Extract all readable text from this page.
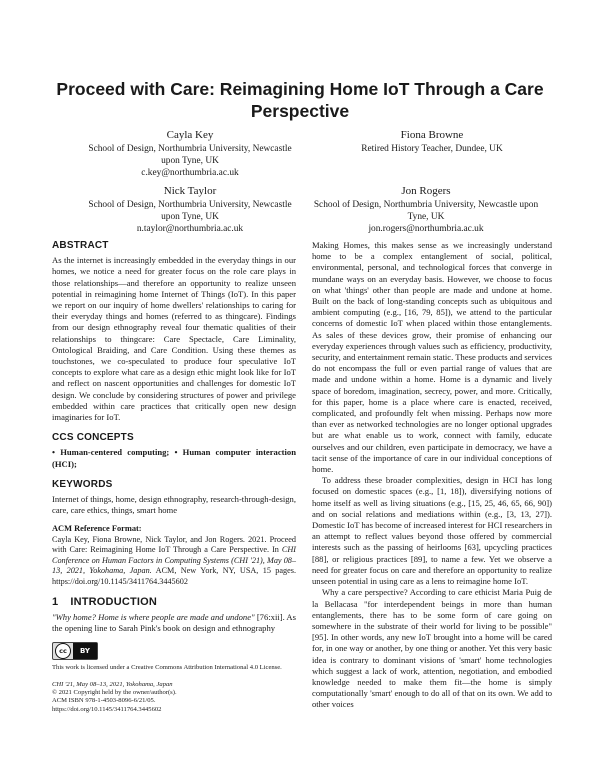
Proceed with Care: Reimagining Home IoT Through a Care Perspective
Cayla Key
School of Design, Northumbria University, Newcastle upon Tyne, UK
c.key@northumbria.ac.uk
Fiona Browne
Retired History Teacher, Dundee, UK
Nick Taylor
School of Design, Northumbria University, Newcastle upon Tyne, UK
n.taylor@northumbria.ac.uk
Jon Rogers
School of Design, Northumbria University, Newcastle upon Tyne, UK
jon.rogers@northumbria.ac.uk
ABSTRACT

As the internet is increasingly embedded in the everyday things in our homes, we notice a need for greater focus on the role care plays in those relationships—and therefore an opportunity to realize unseen potential in reimagining home Internet of Things (IoT). In this paper we report on our inquiry of home dwellers' relationships to caring for their everyday things and homes (referred to as thingcare). Findings from our design ethnography reveal four thematic qualities of their relationships to thingcare: Care Spectacle, Care Liminality, Ontological Braiding, and Care Condition. Using these themes as touchstones, we co-speculated to produce four speculative IoT concepts to explore what care as a design ethic might look like for IoT and reflect on nascent opportunities and challenges for domestic IoT design. We conclude by considering structures of power and privilege embedded within care practices that critically open new design imaginaries for IoT.

CCS CONCEPTS

• Human-centered computing; • Human computer interaction (HCI);

KEYWORDS

Internet of things, home, design ethnography, research-through-design, care, care ethics, things, smart home

ACM Reference Format:

Cayla Key, Fiona Browne, Nick Taylor, and Jon Rogers. 2021. Proceed with Care: Reimagining Home IoT Through a Care Perspective. In CHI Conference on Human Factors in Computing Systems (CHI '21), May 08–13, 2021, Yokohama, Japan. ACM, New York, NY, USA, 15 pages. https://doi.org/10.1145/3411764.3445602

1 INTRODUCTION

"Why home? Home is where people are made and undone" [76:xii]. As the opening line to Sarah Pink's book on design and ethnography

cc	BY
This work is licensed under a Creative Commons Attribution International 4.0 License.
CHI '21, May 08–13, 2021, Yokohama, Japan
© 2021 Copyright held by the owner/author(s).
ACM ISBN 978-1-4503-8096-6/21/05.
https://doi.org/10.1145/3411764.3445602

Making Homes, this makes sense as we increasingly understand home to be a complex entanglement of social, political, environmental, personal, and technological forces that converge in mundane ways on an everyday basis. However, we choose to focus on what 'things' other than people are made and undone at home. Built on the back of long-standing concepts such as ubiquitous and ambient computing (e.g., [16, 79, 85]), we attend to the particular concerns of domestic IoT when placed within those entanglements. As sales of these devices grow, their promise of enhancing our everyday experiences through values such as efficiency, productivity, security, and entertainment remain static. These products and services do not encompass the full or even partial range of values that are made and undone within a home. Home is a dynamic and lively space of boredom, imagination, secrecy, power, and more. Critically, for this paper, home is a place where care is enacted, received, complicated, and profoundly felt when missing. Perhaps now more than ever as networked technologies are no longer optional upgrades but are what enable us to work, connect with family, educate ourselves and our children, even participate in democracy, we have a tacit sense of the importance of care in our individual conceptions of home.

To address these broader complexities, design in HCI has long focused on domestic spaces (e.g., [1, 18]), diversifying notions of home itself as well as living situations (e.g., [15, 25, 46, 65, 66, 90]) and on social relations and mediations within (e.g., [3, 13, 27]). Domestic IoT has become of increased interest for HCI researchers in an attempt to reflect values beyond those offered by commercial interests such as the passing of heirlooms [63], upcycling practices [88], or religious practices [89], to name a few. Yet we observe a need for greater focus on care and therefore an opportunity to realize unseen potential in using care as a lens to reimagine home IoT.

Why a care perspective? According to care ethicist Maria Puig de la Bellacasa "for interdependent beings in more than human entanglements, there has to be some form of care going on somewhere in the substrate of their world for living to be possible" [95]. In other words, any new IoT brought into a home will be cared for, in one way or another, by one thing or another. Yet this very basic idea is contrary to dominant visions of 'smart' home technologies which suggest a lack of work, attention, negotiation, and embodied knowledge needed to make them fit—the home is simply computationally 'smart' enough to do all of that on its own. We add to other voices
